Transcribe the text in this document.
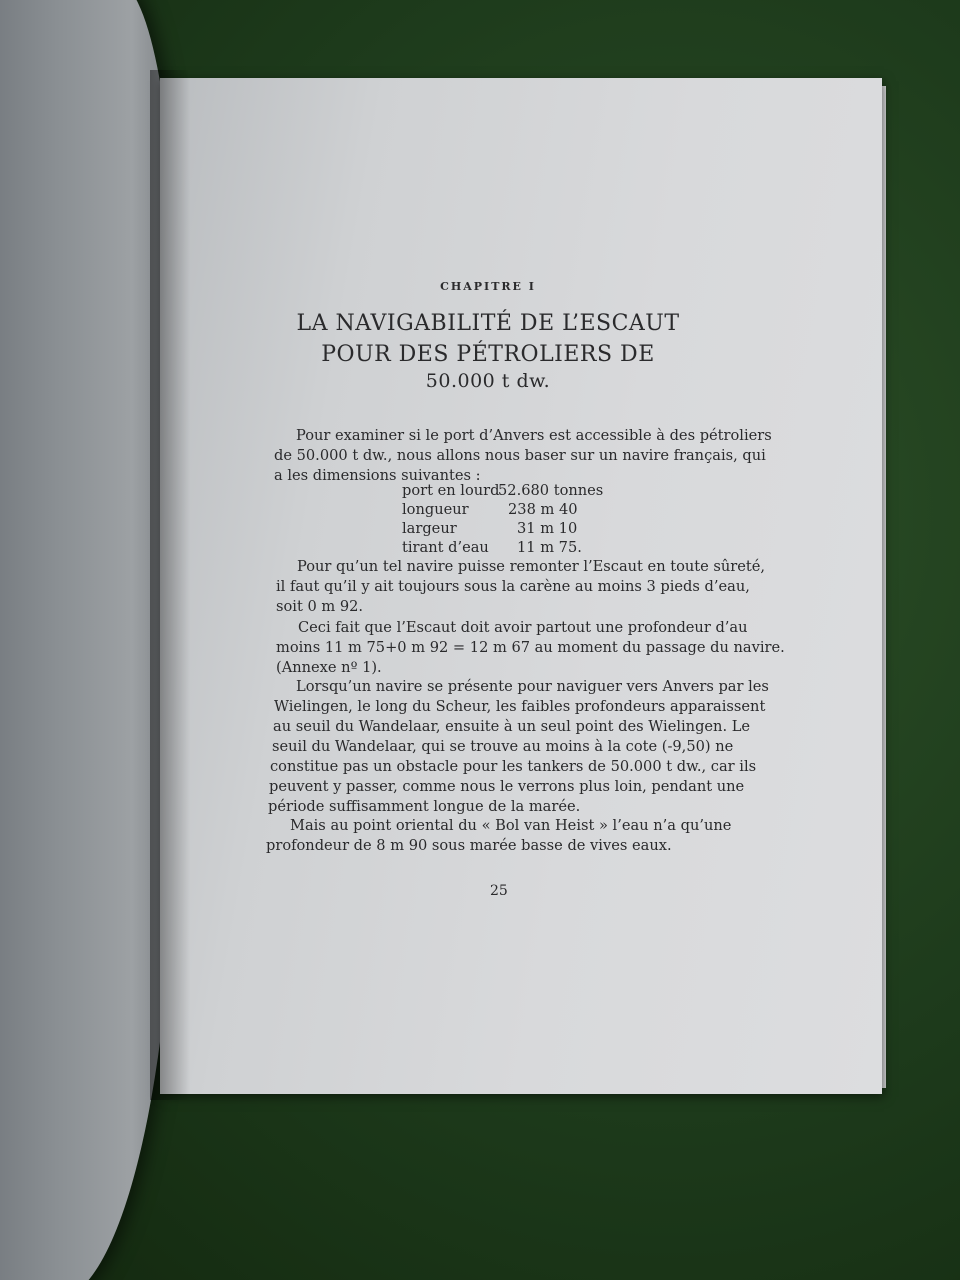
CHAPITRE I
LA NAVIGABILITÉ DE L’ESCAUT
POUR DES PÉTROLIERS DE
50.000 t dw.
Pour examiner si le port d’Anvers est accessible à des pétroliers
de 50.000 t dw., nous allons nous baser sur un navire français, qui
a les dimensions suivantes :
port en lourd
52.680 tonnes
longueur	238 m 40
largeur	31 m 10
tirant d’eau 11 m 75.
Pour qu’un tel navire puisse remonter l’Escaut en toute sûreté,
il faut qu’il y ait toujours sous la carène au moins 3 pieds d’eau,
soit 0 m 92.
Ceci fait que l’Escaut doit avoir partout une profondeur d’au
moins 11 m 75+0 m 92 = 12 m 67 au moment du passage du navire.
(Annexe nº 1).
Lorsqu’un navire se présente pour naviguer vers Anvers par les
Wielingen, le long du Scheur, les faibles profondeurs apparaissent
au seuil du Wandelaar, ensuite à un seul point des Wielingen. Le
seuil du Wandelaar, qui se trouve au moins à la cote (-9,50) ne
constitue pas un obstacle pour les tankers de 50.000 t dw., car ils
peuvent y passer, comme nous le verrons plus loin, pendant une
période suffisamment longue de la marée.
Mais au point oriental du « Bol van Heist » l’eau n’a qu’une
profondeur de 8 m 90 sous marée basse de vives eaux.
25
